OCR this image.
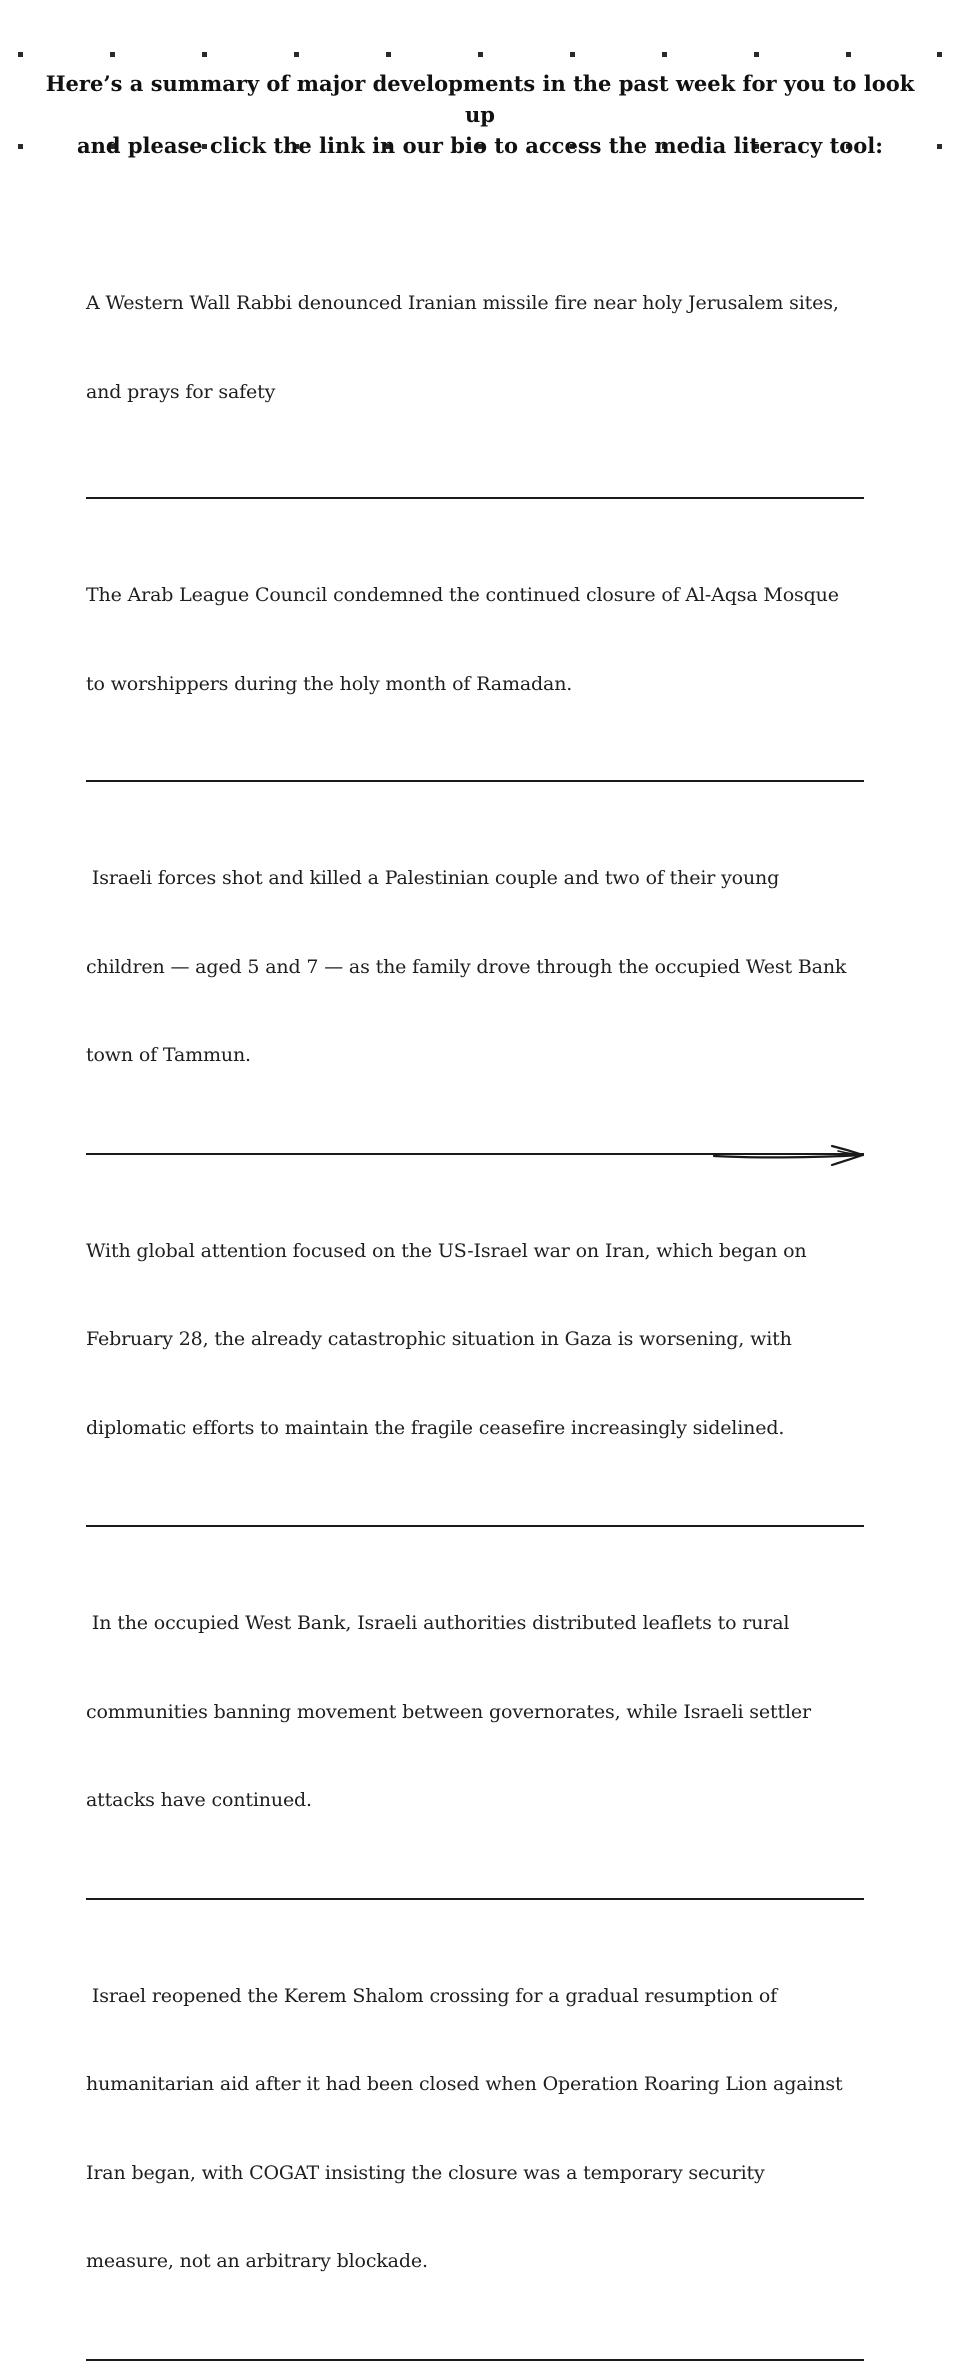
Here’s a summary of major developments in the past week for you to look up
and please click the link in our bio to access the media literacy tool:

A Western Wall Rabbi denounced Iranian missile fire near holy Jerusalem sites,

and prays for safety

The Arab League Council condemned the continued closure of Al-Aqsa Mosque

to worshippers during the holy month of Ramadan.

Israeli forces shot and killed a Palestinian couple and two of their young

children — aged 5 and 7 — as the family drove through the occupied West Bank

town of Tammun.

With global attention focused on the US-Israel war on Iran, which began on

February 28, the already catastrophic situation in Gaza is worsening, with

diplomatic efforts to maintain the fragile ceasefire increasingly sidelined.

In the occupied West Bank, Israeli authorities distributed leaflets to rural

communities banning movement between governorates, while Israeli settler

attacks have continued.

Israel reopened the Kerem Shalom crossing for a gradual resumption of

humanitarian aid after it had been closed when Operation Roaring Lion against

Iran began, with COGAT insisting the closure was a temporary security

measure, not an arbitrary blockade.
